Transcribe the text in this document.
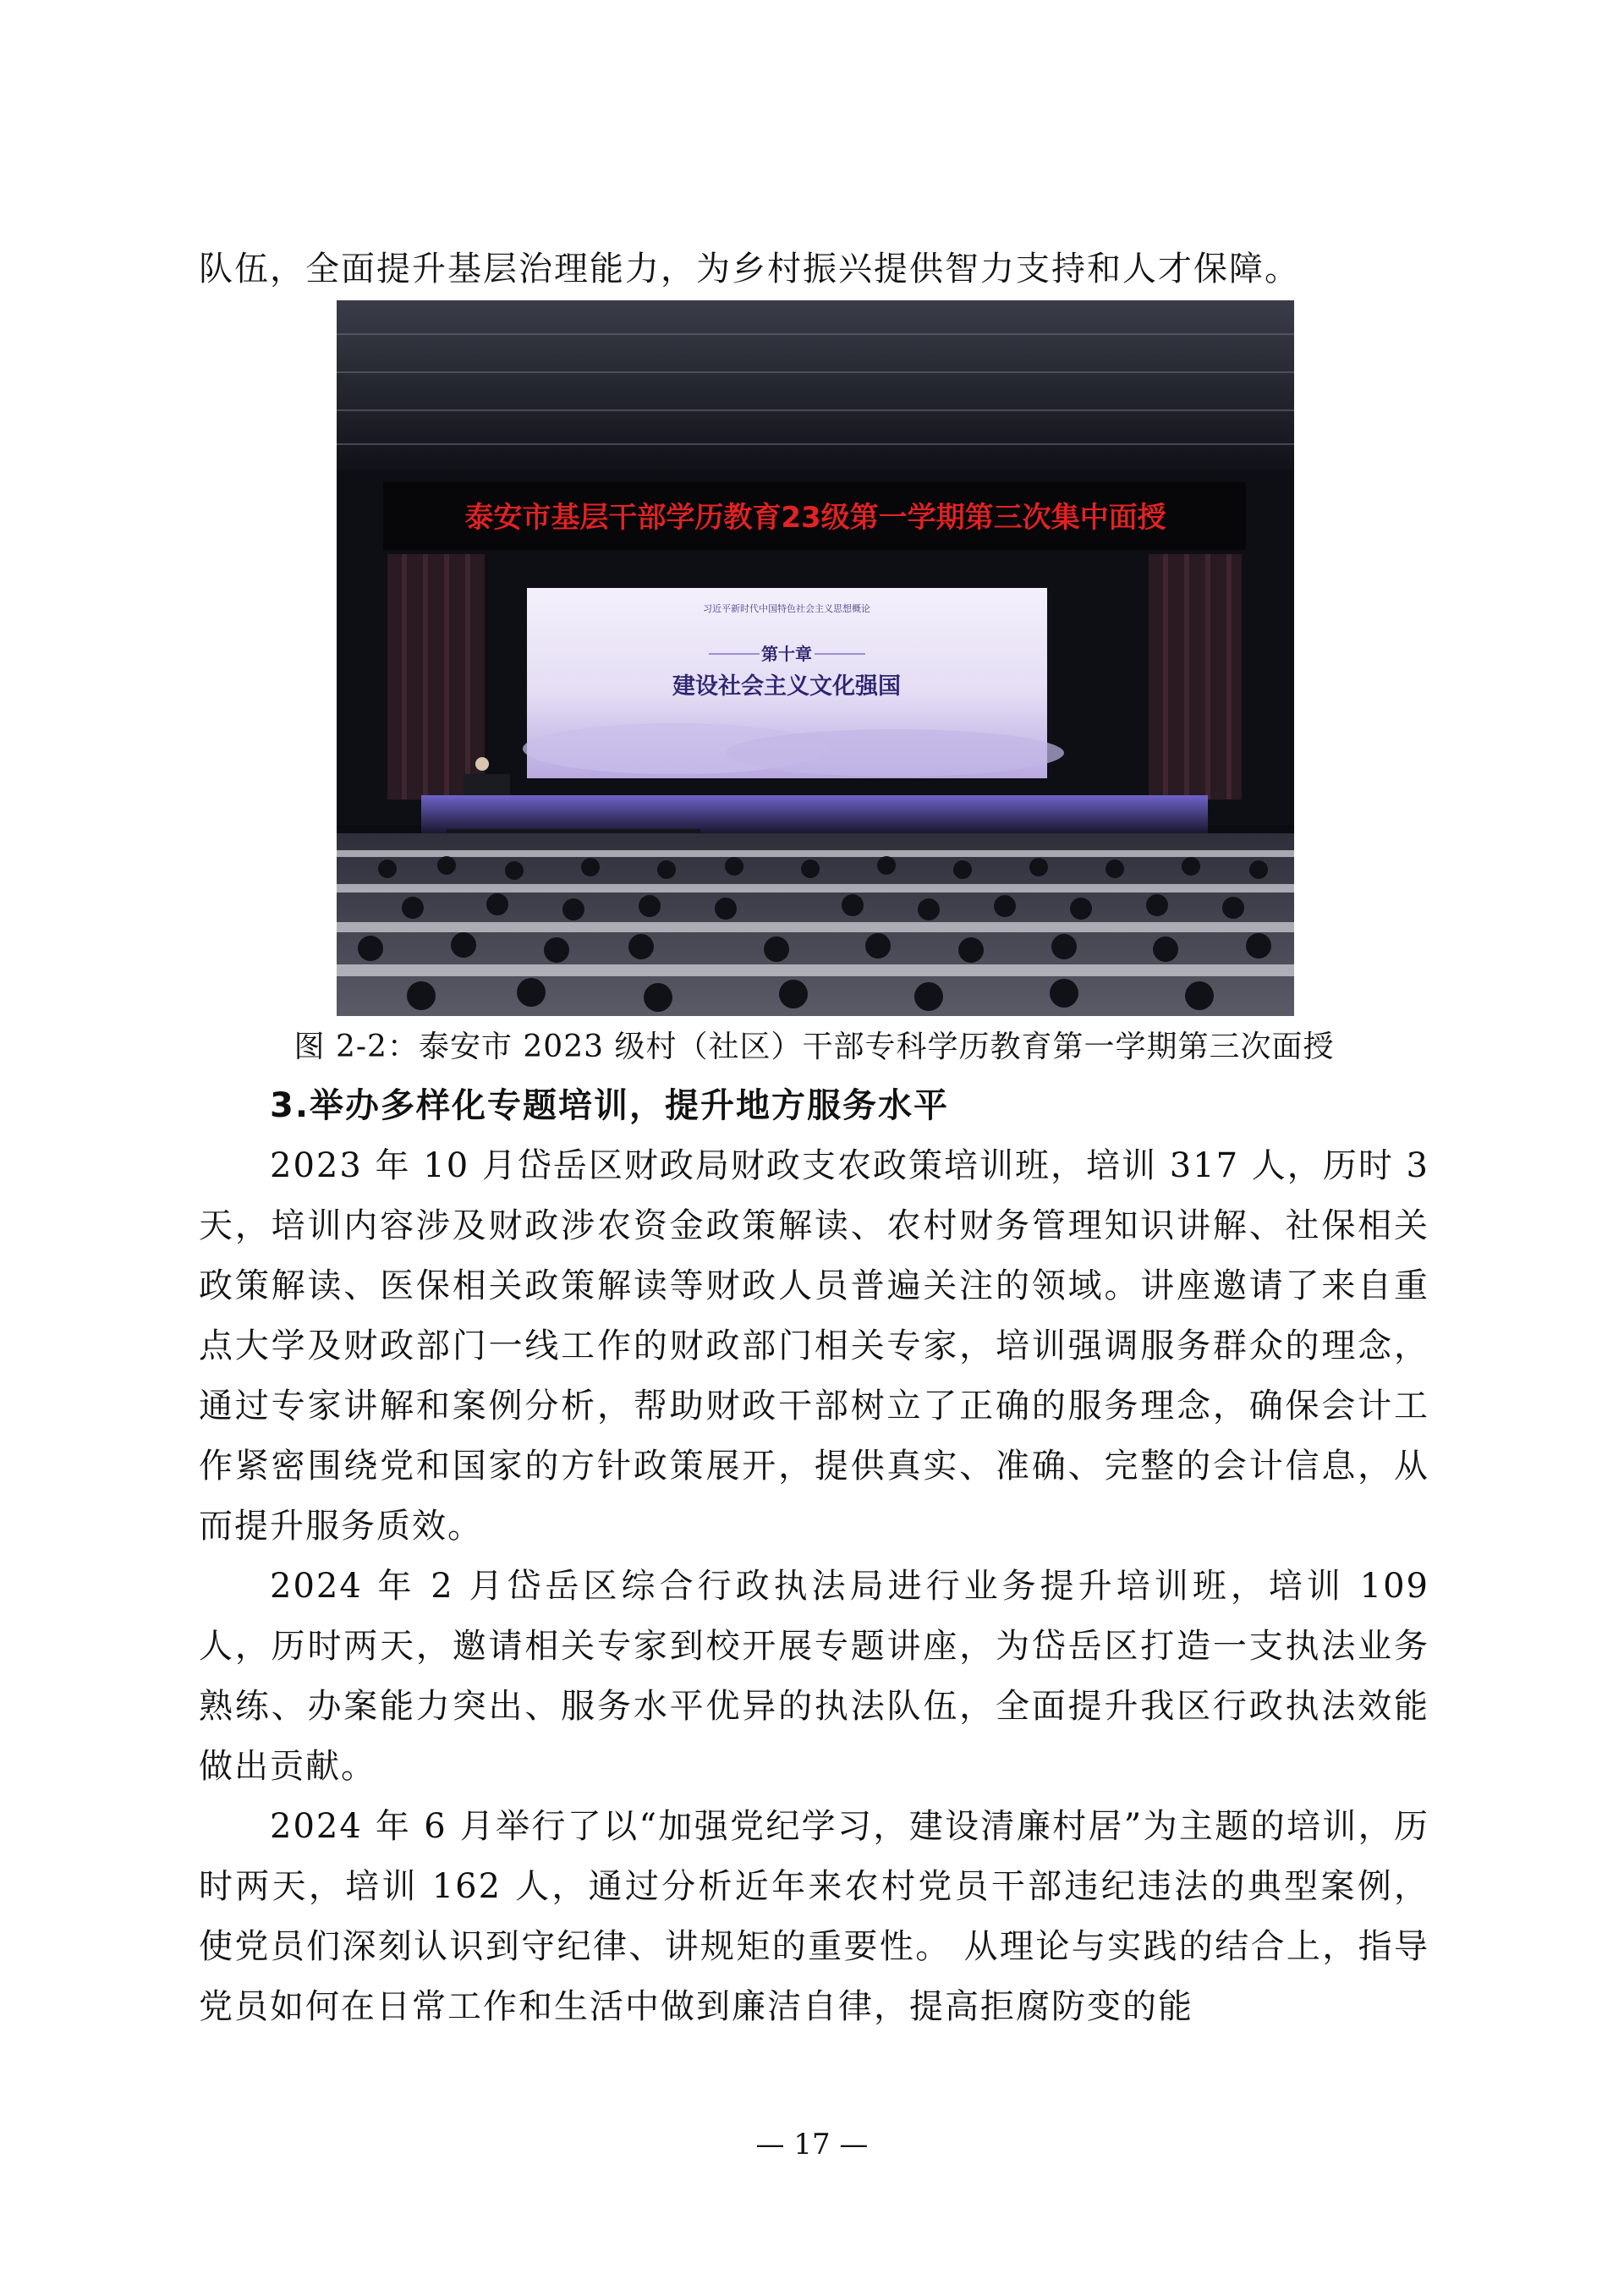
队伍，全面提升基层治理能力，为乡村振兴提供智力支持和人才保障。

泰安市基层干部学历教育23级第一学期第三次集中面授
习近平新时代中国特色社会主义思想概论
第十章
建设社会主义文化强国

图 2-2：泰安市 2023 级村（社区）干部专科学历教育第一学期第三次面授

3.举办多样化专题培训，提升地方服务水平

2023 年 10 月岱岳区财政局财政支农政策培训班，培训 317 人，历时 3 天，培训内容涉及财政涉农资金政策解读、农村财务管理知识讲解、社保相关政策解读、医保相关政策解读等财政人员普遍关注的领域。讲座邀请了来自重点大学及财政部门一线工作的财政部门相关专家，培训强调服务群众的理念，通过专家讲解和案例分析，帮助财政干部树立了正确的服务理念，确保会计工作紧密围绕党和国家的方针政策展开，提供真实、准确、完整的会计信息，从而提升服务质效。

2024 年 2 月岱岳区综合行政执法局进行业务提升培训班，培训 109 人，历时两天，邀请相关专家到校开展专题讲座，为岱岳区打造一支执法业务熟练、办案能力突出、服务水平优异的执法队伍，全面提升我区行政执法效能做出贡献。

2024 年 6 月举行了以“加强党纪学习，建设清廉村居”为主题的培训，历时两天，培训 162 人，通过分析近年来农村党员干部违纪违法的典型案例，使党员们深刻认识到守纪律、讲规矩的重要性。 从理论与实践的结合上，指导党员如何在日常工作和生活中做到廉洁自律，提高拒腐防变的能

— 17 —
